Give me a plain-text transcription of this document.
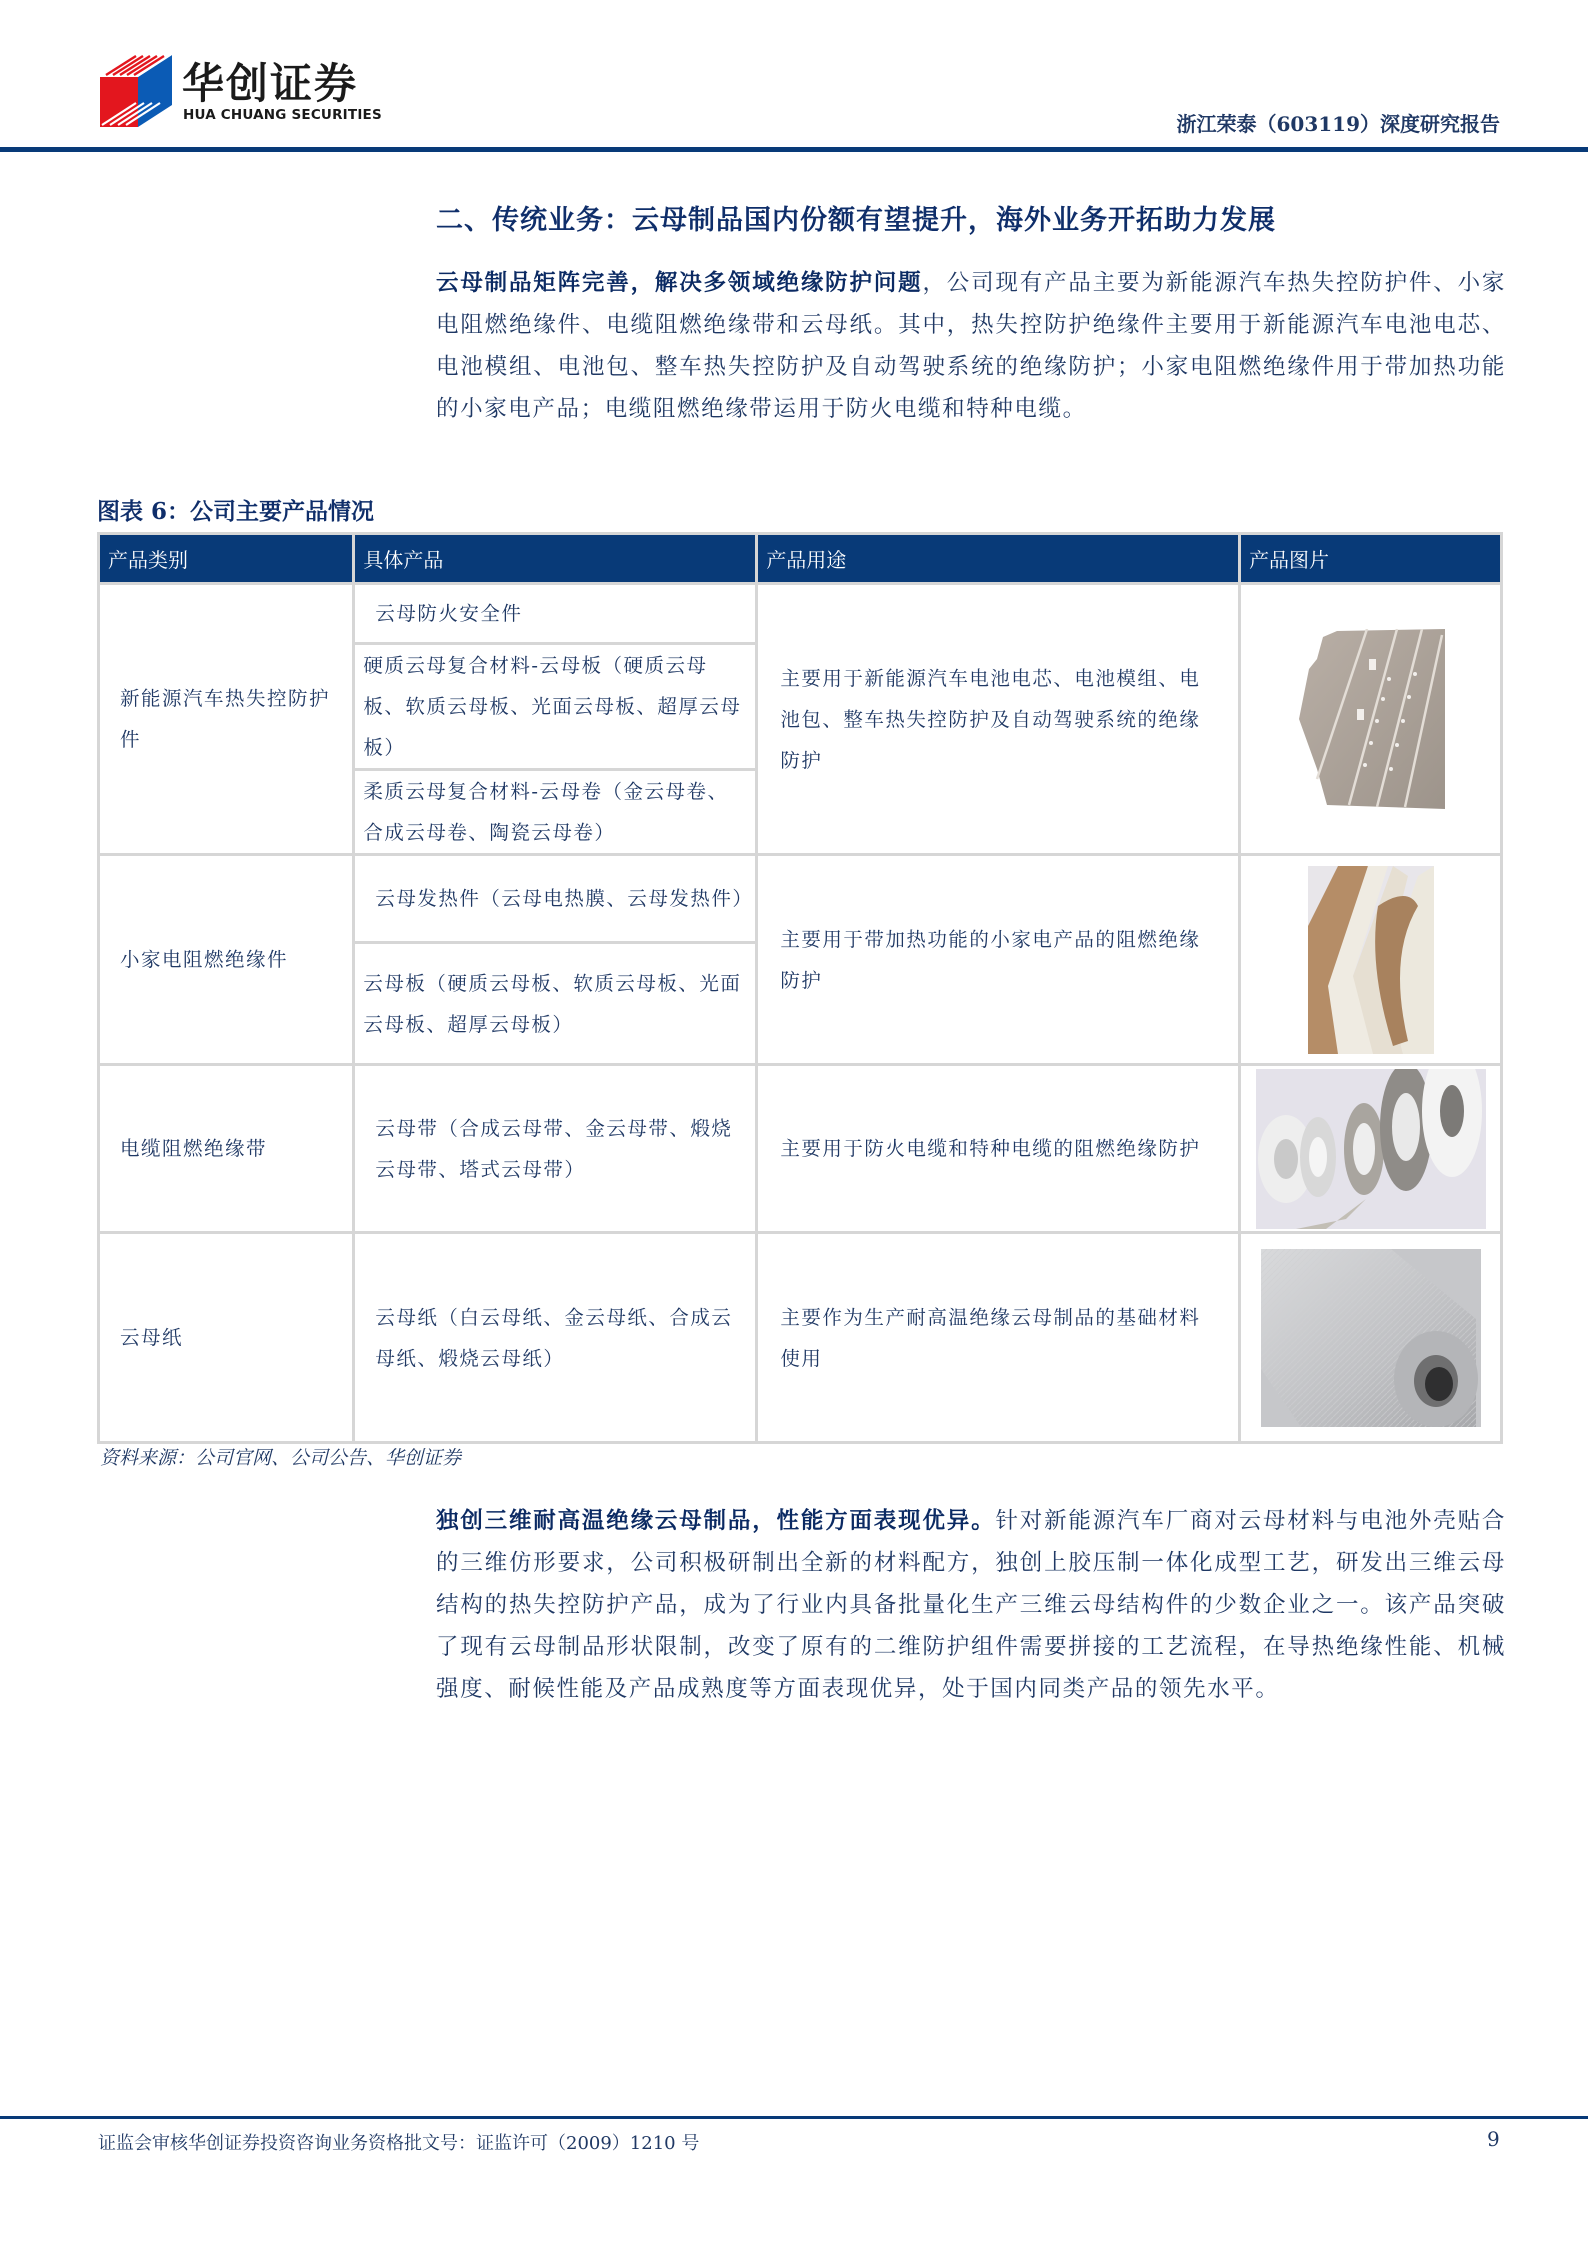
华创证券
HUA CHUANG SECURITIES	浙江荣泰（603119）深度研究报告
二、传统业务：云母制品国内份额有望提升，海外业务开拓助力发展
云母制品矩阵完善，解决多领域绝缘防护问题，公司现有产品主要为新能源汽车热失控防护件、小家电阻燃绝缘件、电缆阻燃绝缘带和云母纸。其中，热失控防护绝缘件主要用于新能源汽车电池电芯、电池模组、电池包、整车热失控防护及自动驾驶系统的绝缘防护；小家电阻燃绝缘件用于带加热功能的小家电产品；电缆阻燃绝缘带运用于防火电缆和特种电缆。
图表 6：公司主要产品情况
产品类别	具体产品	产品用途	产品图片
新能源汽车热失控防护件	云母防火安全件	主要用于新能源汽车电池电芯、电池模组、电池包、整车热失控防护及自动驾驶系统的绝缘防护	

	硬质云母复合材料-云母板（硬质云母板、软质云母板、光面云母板、超厚云母板）		
	柔质云母复合材料-云母卷（金云母卷、合成云母卷、陶瓷云母卷）		
小家电阻燃绝缘件	云母发热件（云母电热膜、云母发热件）	主要用于带加热功能的小家电产品的阻燃绝缘防护	

	云母板（硬质云母板、软质云母板、光面云母板、超厚云母板）		
电缆阻燃绝缘带	云母带（合成云母带、金云母带、煅烧云母带、塔式云母带）	主要用于防火电缆和特种电缆的阻燃绝缘防护	

云母纸	云母纸（白云母纸、金云母纸、合成云母纸、煅烧云母纸）	主要作为生产耐高温绝缘云母制品的基础材料使用	
资料来源：公司官网、公司公告、华创证券
独创三维耐高温绝缘云母制品，性能方面表现优异。针对新能源汽车厂商对云母材料与电池外壳贴合的三维仿形要求，公司积极研制出全新的材料配方，独创上胶压制一体化成型工艺，研发出三维云母结构的热失控防护产品，成为了行业内具备批量化生产三维云母结构件的少数企业之一。该产品突破了现有云母制品形状限制，改变了原有的二维防护组件需要拼接的工艺流程，在导热绝缘性能、机械强度、耐候性能及产品成熟度等方面表现优异，处于国内同类产品的领先水平。
证监会审核华创证券投资咨询业务资格批文号：证监许可（2009）1210 号	9
